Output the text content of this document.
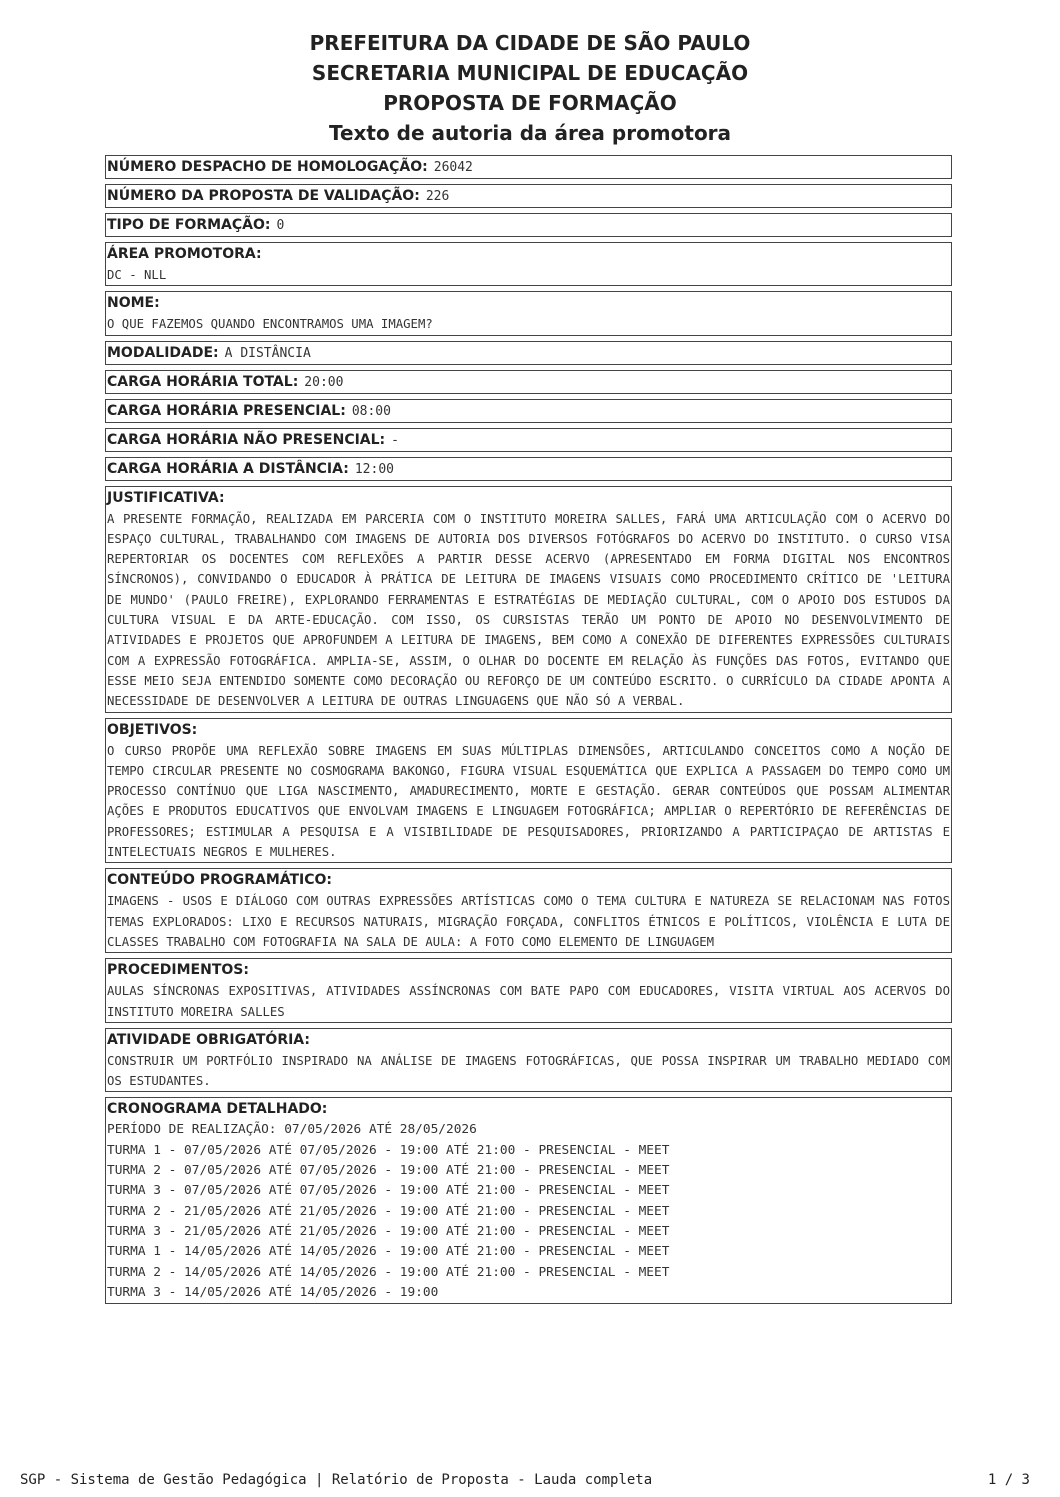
PREFEITURA DA CIDADE DE SÃO PAULO
SECRETARIA MUNICIPAL DE EDUCAÇÃO
PROPOSTA DE FORMAÇÃO
Texto de autoria da área promotora
NÚMERO DESPACHO DE HOMOLOGAÇÃO: 26042
NÚMERO DA PROPOSTA DE VALIDAÇÃO: 226
TIPO DE FORMAÇÃO: 0
ÁREA PROMOTORA:
DC - NLL
NOME:
O QUE FAZEMOS QUANDO ENCONTRAMOS UMA IMAGEM?
MODALIDADE: A DISTÂNCIA
CARGA HORÁRIA TOTAL: 20:00
CARGA HORÁRIA PRESENCIAL: 08:00
CARGA HORÁRIA NÃO PRESENCIAL: -
CARGA HORÁRIA A DISTÂNCIA: 12:00
JUSTIFICATIVA:

A PRESENTE FORMAÇÃO, REALIZADA EM PARCERIA COM O INSTITUTO MOREIRA SALLES, FARÁ UMA ARTICULAÇÃO COM O ACERVO DO ESPAÇO CULTURAL, TRABALHANDO COM IMAGENS DE AUTORIA DOS DIVERSOS FOTÓGRAFOS DO ACERVO DO INSTITUTO. O CURSO VISA REPERTORIAR OS DOCENTES COM REFLEXÕES A PARTIR DESSE ACERVO (APRESENTADO EM FORMA DIGITAL NOS ENCONTROS SÍNCRONOS), CONVIDANDO O EDUCADOR À PRÁTICA DE LEITURA DE IMAGENS VISUAIS COMO PROCEDIMENTO CRÍTICO DE 'LEITURA DE MUNDO' (PAULO FREIRE), EXPLORANDO FERRAMENTAS E ESTRATÉGIAS DE MEDIAÇÃO CULTURAL, COM O APOIO DOS ESTUDOS DA CULTURA VISUAL E DA ARTE-EDUCAÇÃO. COM ISSO, OS CURSISTAS TERÃO UM PONTO DE APOIO NO DESENVOLVIMENTO DE ATIVIDADES E PROJETOS QUE APROFUNDEM A LEITURA DE IMAGENS, BEM COMO A CONEXÃO DE DIFERENTES EXPRESSÕES CULTURAIS COM A EXPRESSÃO FOTOGRÁFICA. AMPLIA-SE, ASSIM, O OLHAR DO DOCENTE EM RELAÇÃO ÀS FUNÇÕES DAS FOTOS, EVITANDO QUE ESSE MEIO SEJA ENTENDIDO SOMENTE COMO DECORAÇÃO OU REFORÇO DE UM CONTEÚDO ESCRITO. O CURRÍCULO DA CIDADE APONTA A NECESSIDADE DE DESENVOLVER A LEITURA DE OUTRAS LINGUAGENS QUE NÃO SÓ A VERBAL.

OBJETIVOS:

O CURSO PROPÕE UMA REFLEXÃO SOBRE IMAGENS EM SUAS MÚLTIPLAS DIMENSÕES, ARTICULANDO CONCEITOS COMO A NOÇÃO DE TEMPO CIRCULAR PRESENTE NO COSMOGRAMA BAKONGO, FIGURA VISUAL ESQUEMÁTICA QUE EXPLICA A PASSAGEM DO TEMPO COMO UM PROCESSO CONTÍNUO QUE LIGA NASCIMENTO, AMADURECIMENTO, MORTE E GESTAÇÃO. GERAR CONTEÚDOS QUE POSSAM ALIMENTAR AÇÕES E PRODUTOS EDUCATIVOS QUE ENVOLVAM IMAGENS E LINGUAGEM FOTOGRÁFICA; AMPLIAR O REPERTÓRIO DE REFERÊNCIAS DE PROFESSORES; ESTIMULAR A PESQUISA E A VISIBILIDADE DE PESQUISADORES, PRIORIZANDO A PARTICIPAÇAO DE ARTISTAS E INTELECTUAIS NEGROS E MULHERES.

CONTEÚDO PROGRAMÁTICO:

IMAGENS - USOS E DIÁLOGO COM OUTRAS EXPRESSÕES ARTÍSTICAS COMO O TEMA CULTURA E NATUREZA SE RELACIONAM NAS FOTOS TEMAS EXPLORADOS: LIXO E RECURSOS NATURAIS, MIGRAÇÃO FORÇADA, CONFLITOS ÉTNICOS E POLÍTICOS, VIOLÊNCIA E LUTA DE CLASSES TRABALHO COM FOTOGRAFIA NA SALA DE AULA: A FOTO COMO ELEMENTO DE LINGUAGEM

PROCEDIMENTOS:

AULAS SÍNCRONAS EXPOSITIVAS, ATIVIDADES ASSÍNCRONAS COM BATE PAPO COM EDUCADORES, VISITA VIRTUAL AOS ACERVOS DO INSTITUTO MOREIRA SALLES

ATIVIDADE OBRIGATÓRIA:

CONSTRUIR UM PORTFÓLIO INSPIRADO NA ANÁLISE DE IMAGENS FOTOGRÁFICAS, QUE POSSA INSPIRAR UM TRABALHO MEDIADO COM OS ESTUDANTES.

CRONOGRAMA DETALHADO:
PERÍODO DE REALIZAÇÃO: 07/05/2026 ATÉ 28/05/2026
TURMA 1 - 07/05/2026 ATÉ 07/05/2026 - 19:00 ATÉ 21:00 - PRESENCIAL - MEET
TURMA 2 - 07/05/2026 ATÉ 07/05/2026 - 19:00 ATÉ 21:00 - PRESENCIAL - MEET
TURMA 3 - 07/05/2026 ATÉ 07/05/2026 - 19:00 ATÉ 21:00 - PRESENCIAL - MEET
TURMA 2 - 21/05/2026 ATÉ 21/05/2026 - 19:00 ATÉ 21:00 - PRESENCIAL - MEET
TURMA 3 - 21/05/2026 ATÉ 21/05/2026 - 19:00 ATÉ 21:00 - PRESENCIAL - MEET
TURMA 1 - 14/05/2026 ATÉ 14/05/2026 - 19:00 ATÉ 21:00 - PRESENCIAL - MEET
TURMA 2 - 14/05/2026 ATÉ 14/05/2026 - 19:00 ATÉ 21:00 - PRESENCIAL - MEET
TURMA 3 - 14/05/2026 ATÉ 14/05/2026 - 19:00
SGP - Sistema de Gestão Pedagógica | Relatório de Proposta - Lauda completa	1 / 3
